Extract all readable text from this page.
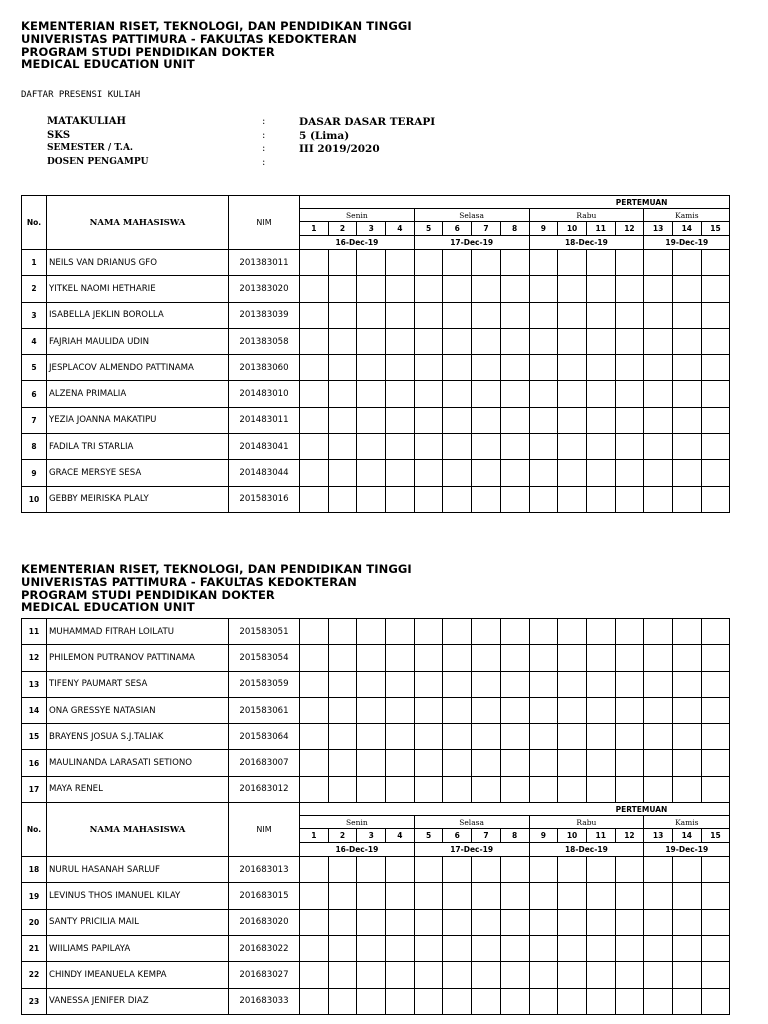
KEMENTERIAN RISET, TEKNOLOGI, DAN PENDIDIKAN TINGGI
UNIVERISTAS PATTIMURA - FAKULTAS KEDOKTERAN
PROGRAM STUDI PENDIDIKAN DOKTER
MEDICAL EDUCATION UNIT
DAFTAR PRESENSI KULIAH
MATAKULIAH	:	DASAR DASAR TERAPI
SKS	:	5 (Lima)
SEMESTER / T.A.	:	III 2019/2020
DOSEN PENGAMPU	:
No.	NAMA MAHASISWA	NIM	PERTEMUAN														
			Senin				Selasa				Rabu				Kamis		
			1	2	3	4	5	6	7	8	9	10	11	12	13	14	15
			16-Dec-19				17-Dec-19				18-Dec-19				19-Dec-19		
1	NEILS VAN DRIANUS GFO	201383011															
2	YITKEL NAOMI HETHARIE	201383020															
3	ISABELLA JEKLIN BOROLLA	201383039															
4	FAJRIAH MAULIDA UDIN	201383058															
5	JESPLACOV ALMENDO PATTINAMA	201383060															
6	ALZENA PRIMALIA	201483010															
7	YEZIA JOANNA MAKATIPU	201483011															
8	FADILA TRI STARLIA	201483041															
9	GRACE MERSYE SESA	201483044															
10	GEBBY MEIRISKA PLALY	201583016															
KEMENTERIAN RISET, TEKNOLOGI, DAN PENDIDIKAN TINGGI
UNIVERISTAS PATTIMURA - FAKULTAS KEDOKTERAN
PROGRAM STUDI PENDIDIKAN DOKTER
MEDICAL EDUCATION UNIT
11	MUHAMMAD FITRAH LOILATU	201583051															
12	PHILEMON PUTRANOV PATTINAMA	201583054															
13	TIFENY PAUMART SESA	201583059															
14	ONA GRESSYE NATASIAN	201583061															
15	BRAYENS JOSUA S.J.TALIAK	201583064															
16	MAULINANDA LARASATI SETIONO	201683007															
17	MAYA RENEL	201683012															
No.	NAMA MAHASISWA	NIM	PERTEMUAN														
			Senin				Selasa				Rabu				Kamis		
			1	2	3	4	5	6	7	8	9	10	11	12	13	14	15
			16-Dec-19				17-Dec-19				18-Dec-19				19-Dec-19		
18	NURUL HASANAH SARLUF	201683013															
19	LEVINUS THOS IMANUEL KILAY	201683015															
20	SANTY PRICILIA MAIL	201683020															
21	WIILIAMS PAPILAYA	201683022															
22	CHINDY IMEANUELA KEMPA	201683027															
23	VANESSA JENIFER DIAZ	201683033															
